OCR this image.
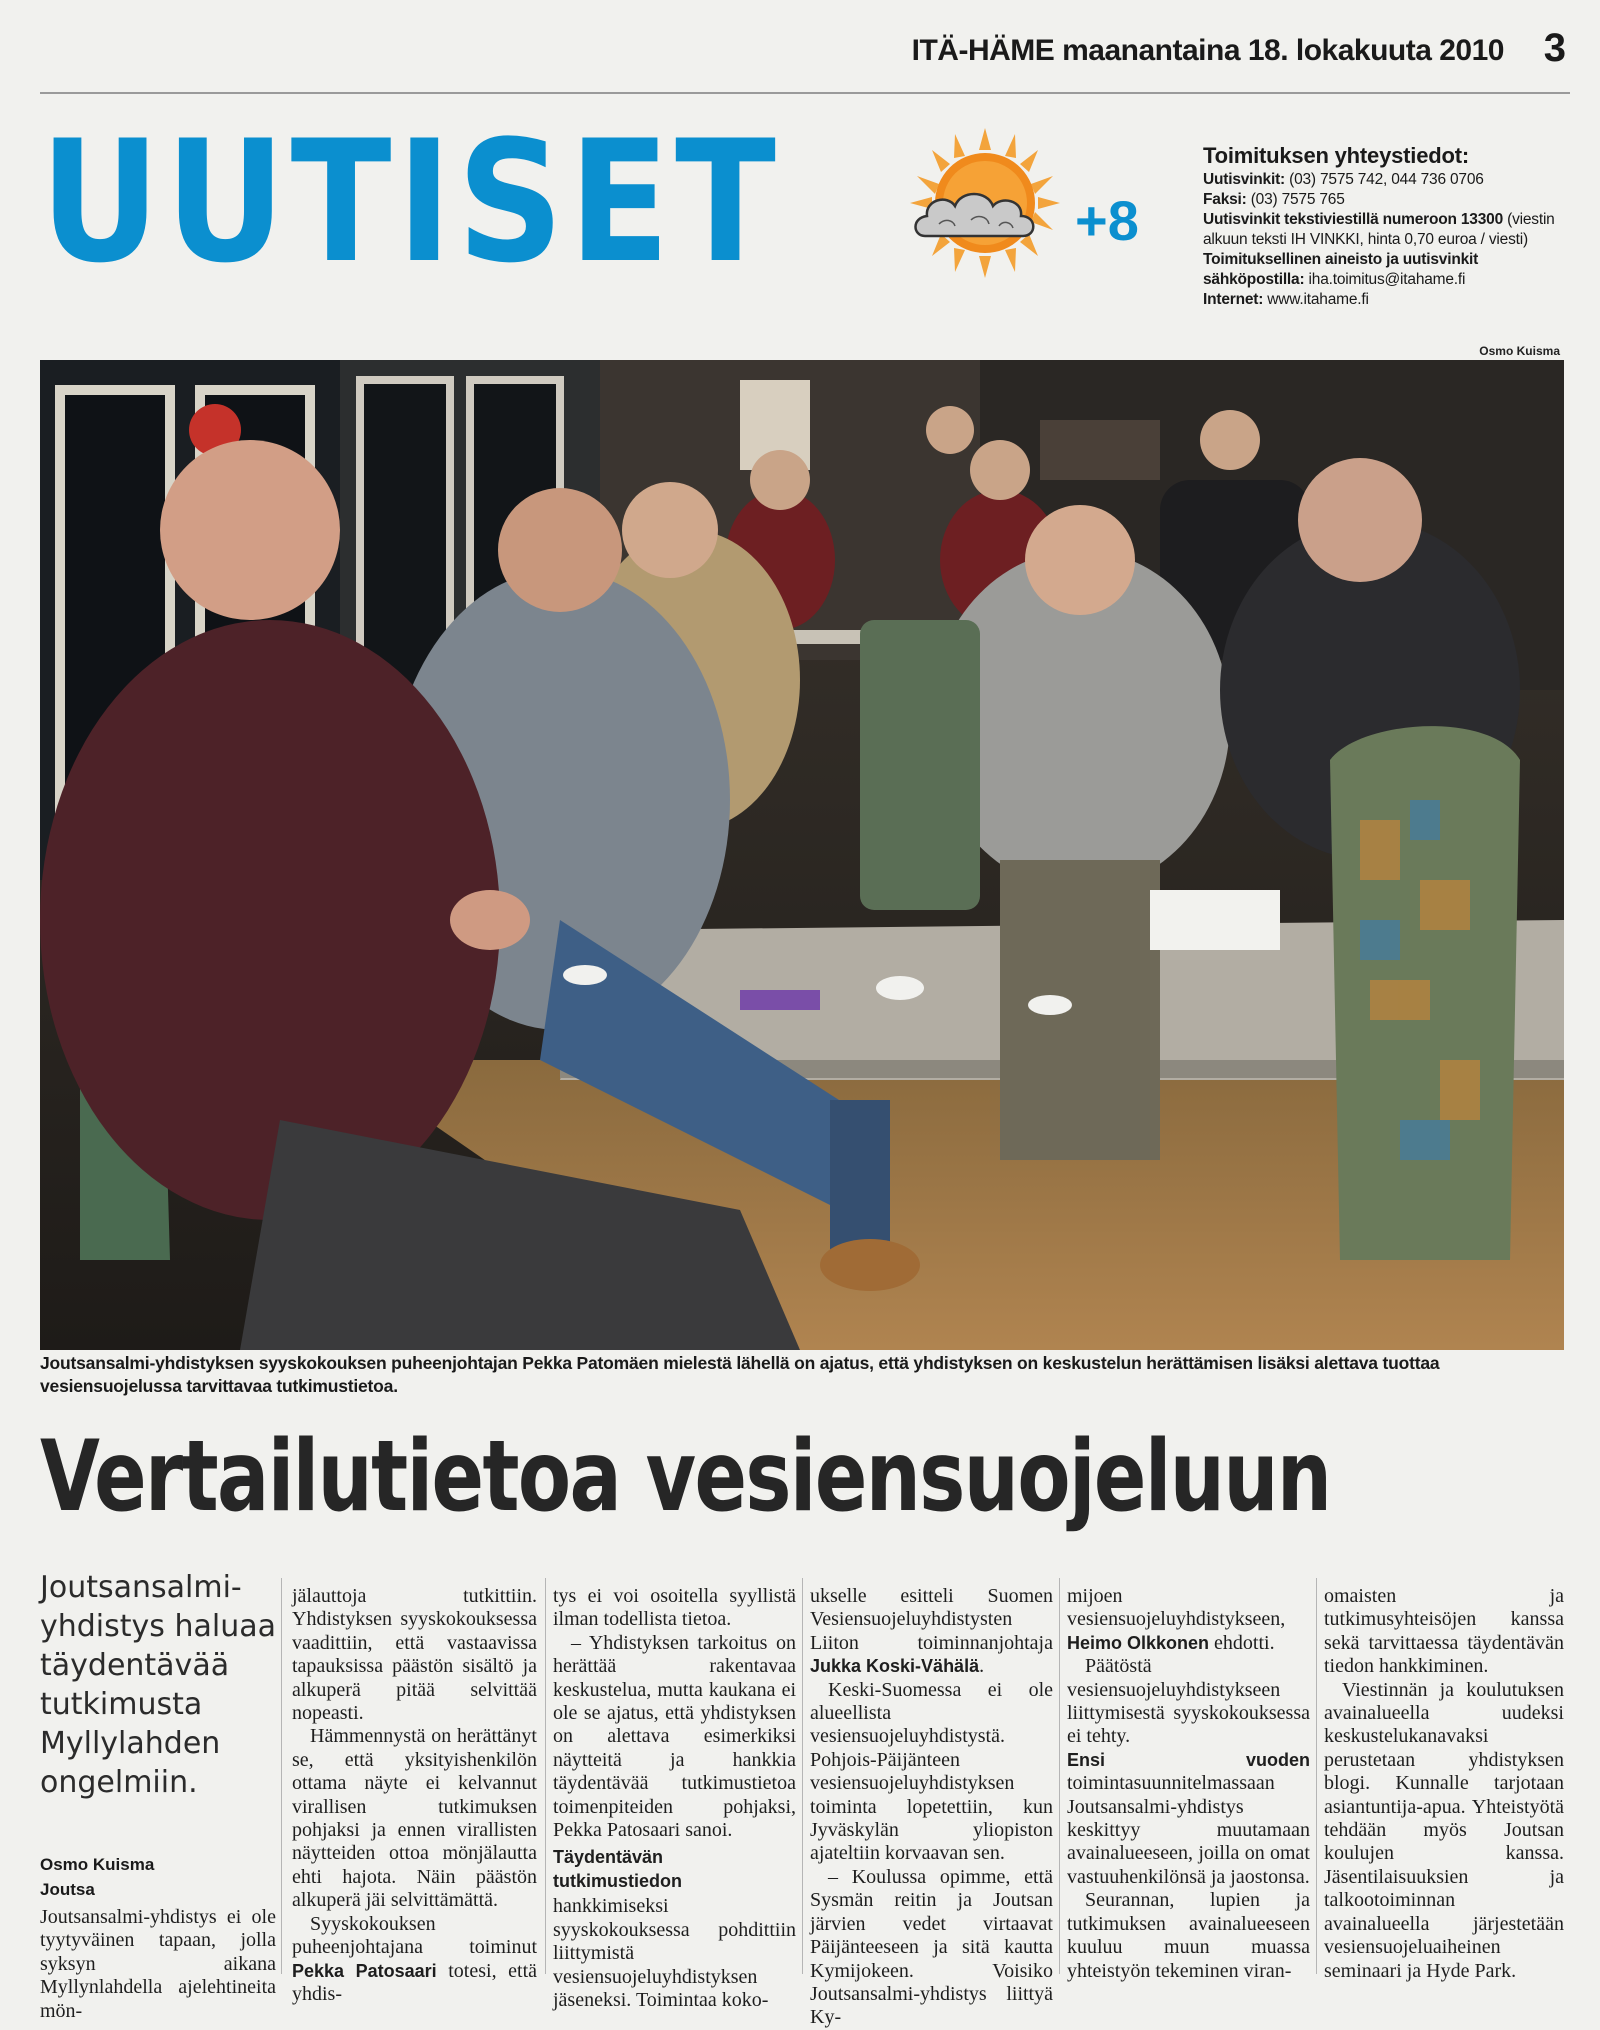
ITÄ-HÄME maanantaina 18. lokakuuta 2010 3
UUTISET	+8
Toimituksen yhteystiedot:
Uutisvinkit: (03) 7575 742, 044 736 0706
Faksi: (03) 7575 765
Uutisvinkit tekstiviestillä numeroon 13300 (viestin alkuun teksti IH VINKKI, hinta 0,70 euroa / viesti)
Toimituksellinen aineisto ja uutisvinkit sähköpostilla: iha.toimitus@itahame.fi
Internet: www.itahame.fi
Osmo Kuisma
Joutsansalmi-yhdistyksen syyskokouksen puheenjohtajan Pekka Patomäen mielestä lähellä on ajatus, että yhdistyksen on keskustelun herättämisen lisäksi alettava tuottaa vesiensuojelussa tarvittavaa tutkimustietoa.
Vertailutietoa vesiensuojeluun
Joutsansalmi-yhdistys haluaa täydentävää tutkimusta Myllylahden ongelmiin.
Osmo Kuisma
Joutsa

Joutsansalmi-yhdistys ei ole tyytyväinen tapaan, jolla syksyn aikana Myllynlahdella ajelehtineita mön-

jälauttoja tutkittiin. Yhdistyksen syyskokouksessa vaadittiin, että vastaavissa tapauksissa päästön sisältö ja alkuperä pitää selvittää nopeasti.

Hämmennystä on herättänyt se, että yksityishenkilön ottama näyte ei kelvannut virallisen tutkimuksen pohjaksi ja ennen virallisten näytteiden ottoa mönjälautta ehti hajota. Näin päästön alkuperä jäi selvittämättä.

Syyskokouksen puheenjohtajana toiminut Pekka Patosaari totesi, että yhdis-

tys ei voi osoitella syyllistä ilman todellista tietoa.

– Yhdistyksen tarkoitus on herättää rakentavaa keskustelua, mutta kaukana ei ole se ajatus, että yhdistyksen on alettava esimerkiksi näytteitä ja hankkia täydentävää tutkimustietoa toimenpiteiden pohjaksi, Pekka Patosaari sanoi.

Täydentävän tutkimustiedon

hankkimiseksi syyskokouksessa pohdittiin liittymistä vesiensuojeluyhdistyksen jäseneksi. Toimintaa koko-

ukselle esitteli Suomen Vesiensuojeluyhdistysten Liiton toiminnanjohtaja Jukka Koski-Vähälä.

Keski-Suomessa ei ole alueellista vesiensuojeluyhdistystä. Pohjois-Päijänteen vesiensuojeluyhdistyksen toiminta lopetettiin, kun Jyväskylän yliopiston ajateltiin korvaavan sen.

– Koulussa opimme, että Sysmän reitin ja Joutsan järvien vedet virtaavat Päijänteeseen ja sitä kautta Kymijokeen. Voisiko Joutsansalmi-yhdistys liittyä Ky-

mijoen vesiensuojeluyhdistykseen, Heimo Olkkonen ehdotti.

Päätöstä vesiensuojeluyhdistykseen liittymisestä syyskokouksessa ei tehty.

Ensi vuoden toimintasuunnitelmassaan Joutsansalmi-yhdistys keskittyy muutamaan avainalueeseen, joilla on omat vastuuhenkilönsä ja jaostonsa.

Seurannan, lupien ja tutkimuksen avainalueeseen kuuluu muun muassa yhteistyön tekeminen viran-

omaisten ja tutkimusyhteisöjen kanssa sekä tarvittaessa täydentävän tiedon hankkiminen.

Viestinnän ja koulutuksen avainalueella uudeksi keskustelukanavaksi perustetaan yhdistyksen blogi. Kunnalle tarjotaan asiantuntija-apua. Yhteistyötä tehdään myös Joutsan koulujen kanssa. Jäsentilaisuuksien ja talkootoiminnan avainalueella järjestetään vesiensuojeluaiheinen seminaari ja Hyde Park.
